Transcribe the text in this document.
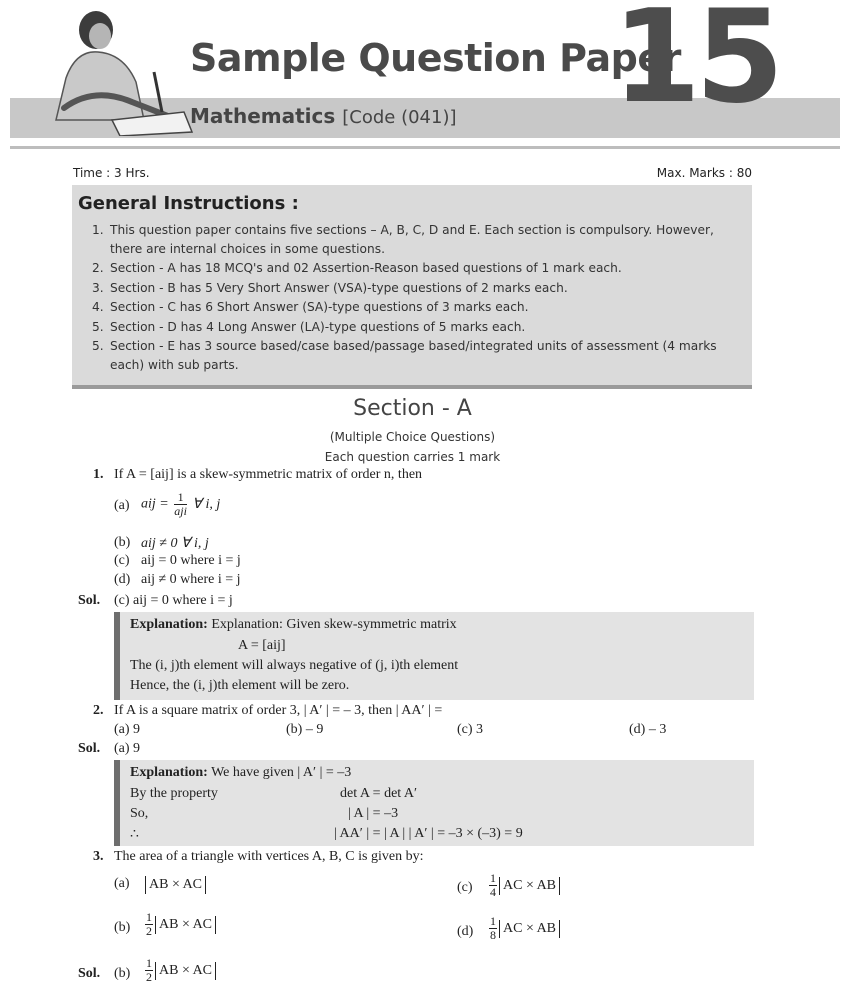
Sample Question Paper
15
Mathematics [Code (041)]
Time : 3 Hrs.	Max. Marks : 80
General Instructions :
1. This question paper contains five sections – A, B, C, D and E. Each section is compulsory. However, there are internal choices in some questions.
2. Section - A has 18 MCQ's and 02 Assertion-Reason based questions of 1 mark each.
3. Section - B has 5 Very Short Answer (VSA)-type questions of 2 marks each.
4. Section - C has 6 Short Answer (SA)-type questions of 3 marks each.
5. Section - D has 4 Long Answer (LA)-type questions of 5 marks each.
5. Section - E has 3 source based/case based/passage based/integrated units of assessment (4 marks each) with sub parts.
Section - A
(Multiple Choice Questions)
Each question carries 1 mark
1. If A = [aij] is a skew-symmetric matrix of order n, then
(a) aij = $\frac{1}{\text{aji}}$ ∀ i, j
(b) aij ≠ 0 ∀ i, j
(c) aij = 0 where i = j
(d) aij ≠ 0 where i = j
Sol. (c) aij = 0 where i = j
Explanation: Explanation: Given skew-symmetric matrix
A = [aij]
The (i, j)th element will always negative of (j, i)th element
Hence, the (i, j)th element will be zero.
2. If A is a square matrix of order 3, | A′ | = – 3, then | AA′ | =
(a) 9	(b) – 9	(c) 3	(d) – 3
Sol. (a) 9
Explanation: We have given | A′ | = –3
By the property	det A = det A′
So,	| A | = –3
∴	| AA′ | = | A | | A′ | = –3 × (–3) = 9
3. The area of a triangle with vertices A, B, C is given by:
(a) AB × AC	$(c) \frac{1}{4}$ AC × AB
$(b) \frac{1}{2}$ AB × AC	$(d) \frac{1}{8}$ AC × AB
Sol. $(b) \frac{1}{2}$ AB × AC
